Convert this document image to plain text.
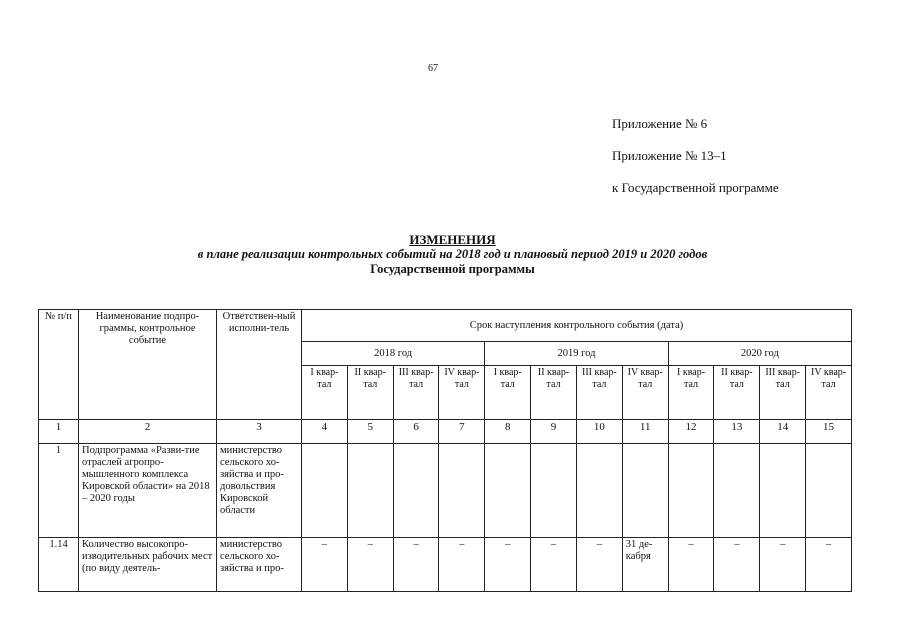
67
Приложение № 6
Приложение № 13–1
к Государственной программе
ИЗМЕНЕНИЯ
в плане реализации контрольных событий на 2018 год и плановый период 2019 и 2020 годов
Государственной программы
№ п/п	Наименование подпро-граммы, контрольное событие	Ответствен-ный исполни-тель	Срок наступления контрольного события (дата)											
			2018 год				2019 год				2020 год			
			I квар-тал	II квар-тал	III квар-тал	IV квар-тал	I квар-тал	II квар-тал	III квар-тал	IV квар-тал	I квар-тал	II квар-тал	III квар-тал	IV квар-тал
1	2	3	4	5	6	7	8	9	10	11	12	13	14	15
1	Подпрограмма «Разви-тие отраслей агропро-мышленного комплекса Кировской области» на 2018 – 2020 годы	министерство сельского хо-зяйства и про-довольствия Кировской области												
1.14	Количество высокопро-изводительных рабочих мест (по виду деятель-	министерство сельского хо-зяйства и про-	–	–	–	–	–	–	–	31 де-кабря	–	–	–	–
